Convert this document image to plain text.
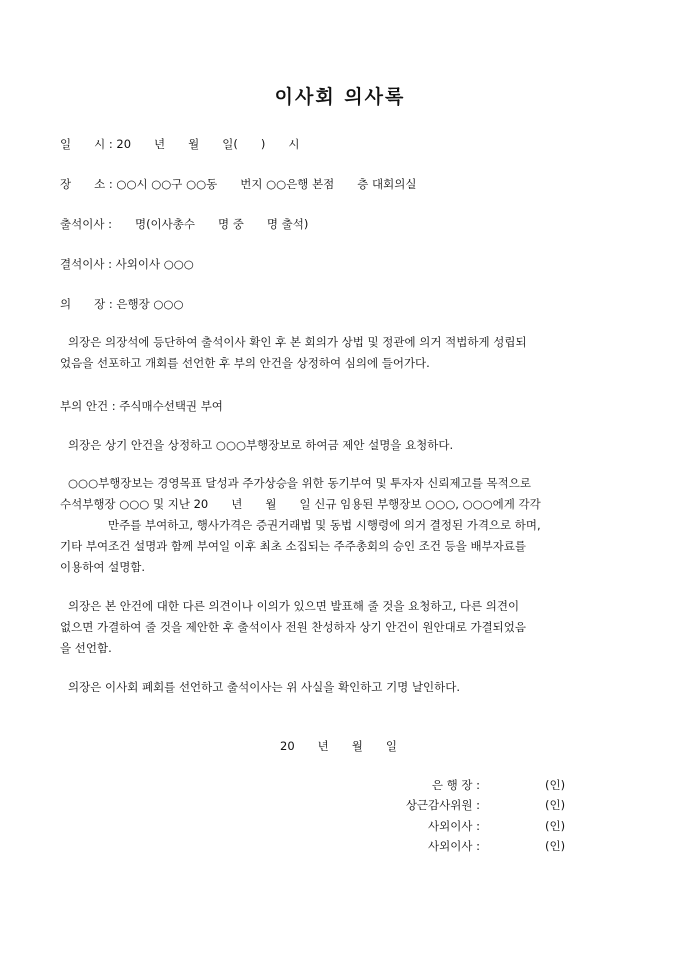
이사회 의사록
일　　시 : 20　　년　　월　　일(　　)　　시
장　　소 : ○○시 ○○구 ○○동　　번지 ○○은행 본점　　층 대회의실
출석이사 :　　명(이사총수　　명 중　　명 출석)
결석이사 : 사외이사 ○○○
의　　장 : 은행장 ○○○
의장은 의장석에 등단하여 출석이사 확인 후 본 회의가 상법 및 정관에 의거 적법하게 성립되
었음을 선포하고 개회를 선언한 후 부의 안건을 상정하여 심의에 들어가다.
부의 안건 : 주식매수선택권 부여
의장은 상기 안건을 상정하고 ○○○부행장보로 하여금 제안 설명을 요청하다.
○○○부행장보는 경영목표 달성과 주가상승을 위한 동기부여 및 투자자 신뢰제고를 목적으로
수석부행장 ○○○ 및 지난 20　　년　　월　　일 신규 임용된 부행장보 ○○○, ○○○에게 각각
만주를 부여하고, 행사가격은 증권거래법 및 동법 시행령에 의거 결정된 가격으로 하며,
기타 부여조건 설명과 함께 부여일 이후 최초 소집되는 주주총회의 승인 조건 등을 배부자료를
이용하여 설명함.
의장은 본 안건에 대한 다른 의견이나 이의가 있으면 발표해 줄 것을 요청하고, 다른 의견이
없으면 가결하여 줄 것을 제안한 후 출석이사 전원 찬성하자 상기 안건이 원안대로 가결되었음
을 선언함.
의장은 이사회 폐회를 선언하고 출석이사는 위 사실을 확인하고 기명 날인하다.
20　　년　　월　　일
은 행 장 :	(인)
상근감사위원 :	(인)
사외이사 :	(인)
사외이사 :	(인)
